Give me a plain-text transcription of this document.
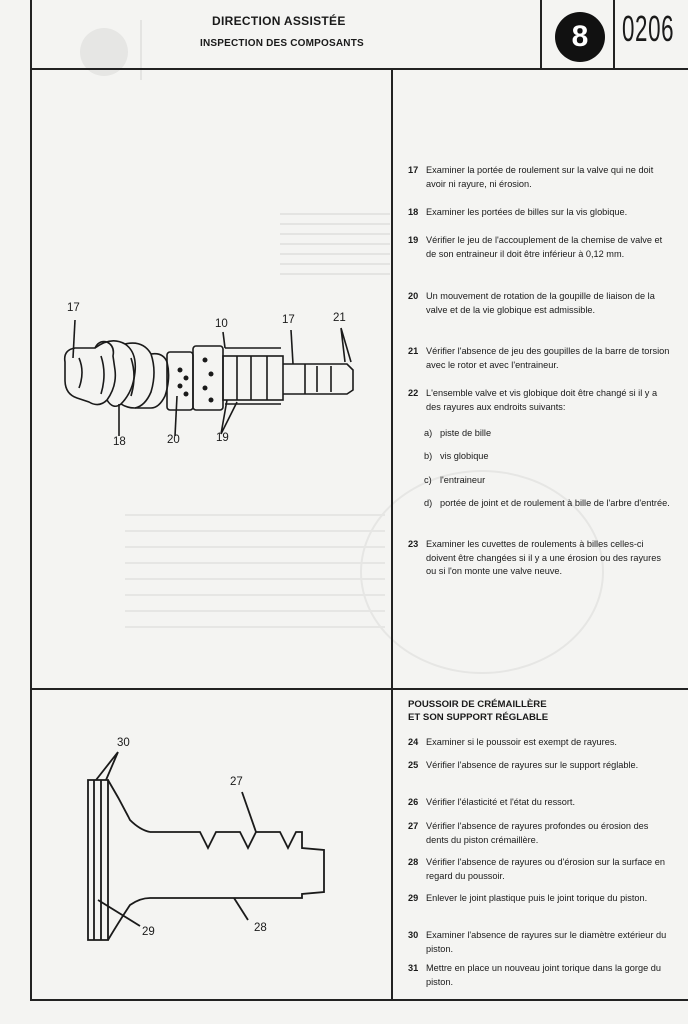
DIRECTION ASSISTÉE
INSPECTION DES COMPOSANTS	8 0206
17
10	17	21
18	20	19
17 Examiner la portée de roulement sur la valve qui ne doit avoir ni rayure, ni érosion.
18 Examiner les portées de billes sur la vis globique.
19 Vérifier le jeu de l'accouplement de la chemise de valve et de son entraineur il doit être inférieur à 0,12 mm.
20 Un mouvement de rotation de la goupille de liaison de la valve et de la vie globique est admissible.
21 Vérifier l'absence de jeu des goupilles de la barre de torsion avec le rotor et avec l'entraineur.
22 L'ensemble valve et vis globique doit être changé si il y a des rayures aux endroits suivants:
a) piste de bille
b) vis globique
c) l'entraineur
d) portée de joint et de roulement à bille de l'arbre d'entrée.
23 Examiner les cuvettes de roulements à billes celles-ci doivent être changées si il y a une érosion ou des rayures ou si l'on monte une valve neuve.
POUSSOIR DE CRÉMAILLÈRE
ET SON SUPPORT RÉGLABLE
24 Examiner si le poussoir est exempt de rayures.
25 Vérifier l'absence de rayures sur le support réglable.
26 Vérifier l'élasticité et l'état du ressort.
27 Vérifier l'absence de rayures profondes ou érosion des dents du piston crémaillère.
28 Vérifier l'absence de rayures ou d'érosion sur la surface en regard du poussoir.
29 Enlever le joint plastique puis le joint torique du piston.
30 Examiner l'absence de rayures sur le diamètre extérieur du piston.
31 Mettre en place un nouveau joint torique dans la gorge du piston.
30
27
29	28
